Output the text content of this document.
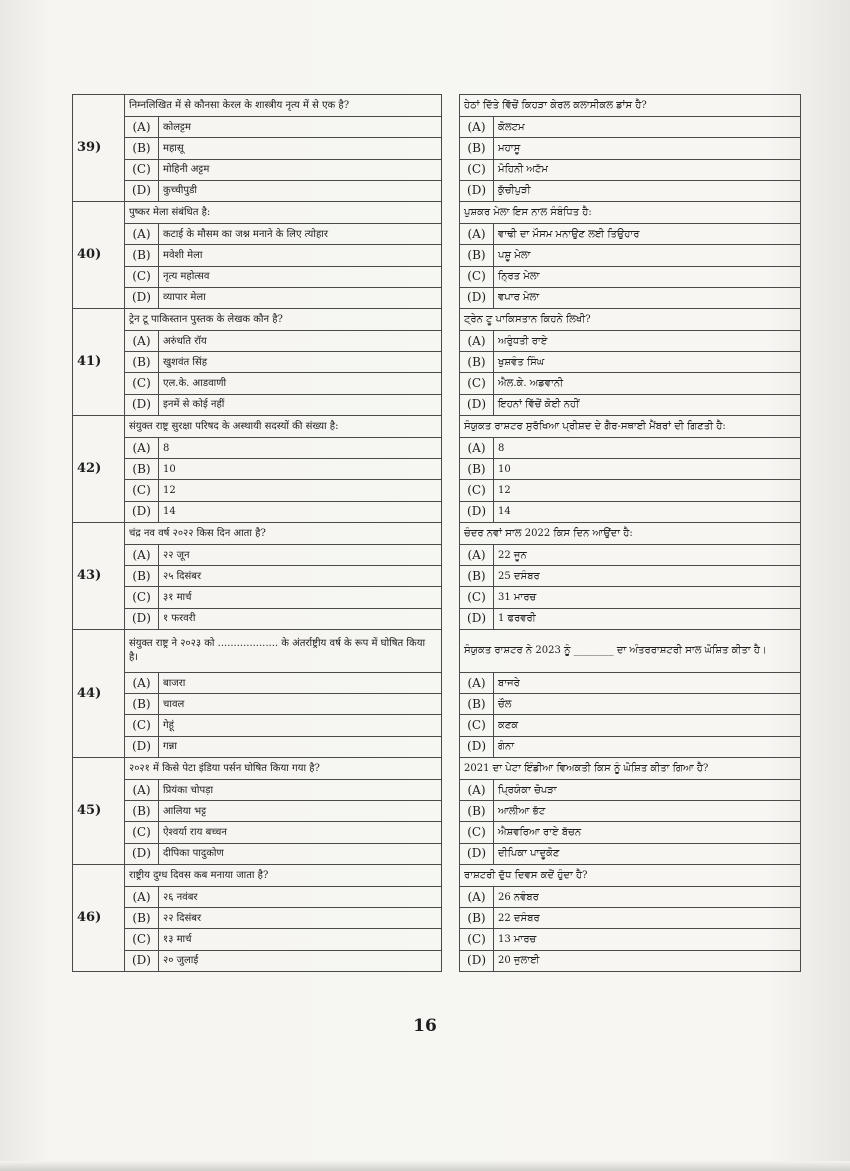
39)	निम्नलिखित में से कौनसा केरल के शास्त्रीय नृत्य में से एक है?			ਹੇਠਾਂ ਦਿੱਤੇ ਵਿੱਚੋਂ ਕਿਹੜਾ ਕੇਰਲ ਕਲਾਸੀਕਲ ਡਾਂਸ ਹੈ?	
	(A)	कोलट्टम		(A)	ਕੋਲਟਮ
	(B)	महासू		(B)	ਮਹਾਸੂ
	(C)	मोहिनी अट्टम		(C)	ਮੋਹਿਨੀ ਅਟੱਮ
	(D)	कुच्चीपुडी		(D)	ਕੁੱਚੀਪੁੜੀ
40)	पुष्कर मेला संबंधित है:			ਪੁਸ਼ਕਰ ਮੇਲਾ ਇਸ ਨਾਲ ਸੰਬੰਧਿਤ ਹੈ:	
	(A)	कटाई के मौसम का जश्न मनाने के लिए त्योहार		(A)	ਵਾਢੀ ਦਾ ਮੌਸਮ ਮਨਾਉਣ ਲਈ ਤਿਉਹਾਰ
	(B)	मवेशी मेला		(B)	ਪਸ਼ੂ ਮੇਲਾ
	(C)	नृत्य महोत्सव		(C)	ਨ੍ਰਿਤ ਮੇਲਾ
	(D)	व्यापार मेला		(D)	ਵਪਾਰ ਮੇਲਾ
41)	ट्रेन टू पाकिस्तान पुस्तक के लेखक कौन है?			ਟ੍ਰੇਨ ਟੂ ਪਾਕਿਸਤਾਨ ਕਿਹਨੇ ਲਿਖੀ?	
	(A)	अरुंधति रॉय		(A)	ਅਰੁੰਧਤੀ ਰਾਏ
	(B)	खुशवंत सिंह		(B)	ਖੁਸ਼ਵੰਤ ਸਿੰਘ
	(C)	एल.के. आडवाणी		(C)	ਐਲ.ਕੇ. ਅਡਵਾਨੀ
	(D)	इनमें से कोई नहीं		(D)	ਇਹਨਾਂ ਵਿੱਚੋਂ ਕੋਈ ਨਹੀਂ
42)	संयुक्त राष्ट्र सुरक्षा परिषद के अस्थायी सदस्यों की संख्या है:			ਸੰਯੁਕਤ ਰਾਸ਼ਟਰ ਸੁਰੱਖਿਆ ਪ੍ਰੀਸ਼ਦ ਦੇ ਗੈਰ-ਸਥਾਈ ਮੈਂਬਰਾਂ ਦੀ ਗਿਣਤੀ ਹੈ:	
	(A)	8		(A)	8
	(B)	10		(B)	10
	(C)	12		(C)	12
	(D)	14		(D)	14
43)	चंद्र नव वर्ष २०२२ किस दिन आता है?			ਚੰਦਰ ਨਵਾਂ ਸਾਲ 2022 ਕਿਸ ਦਿਨ ਆਉਂਦਾ ਹੈ:	
	(A)	२२ जून		(A)	22 ਜੂਨ
	(B)	२५ दिसंबर		(B)	25 ਦਸੰਬਰ
	(C)	३१ मार्च		(C)	31 ਮਾਰਚ
	(D)	१ फरवरी		(D)	1 ਫਰਵਰੀ
44)	संयुक्त राष्ट्र ने २०२३ को ................... के अंतर्राष्ट्रीय वर्ष के रूप में घोषित किया है।			ਸੰਯੁਕਤ ਰਾਸ਼ਟਰ ਨੇ 2023 ਨੂੰ ________ ਦਾ ਅੰਤਰਰਾਸ਼ਟਰੀ ਸਾਲ ਘੋਸ਼ਿਤ ਕੀਤਾ ਹੈ।	
	(A)	बाजरा		(A)	ਬਾਜਰੇ
	(B)	चावल		(B)	ਚੌਲ
	(C)	गेहूं		(C)	ਕਣਕ
	(D)	गन्ना		(D)	ਗੰਨਾ
45)	२०२१ में किसे पेटा इंडिया पर्सन घोषित किया गया है?			2021 ਦਾ ਪੇਟਾ ਇੰਡੀਆ ਵਿਅਕਤੀ ਕਿਸ ਨੂੰ ਘੋਸ਼ਿਤ ਕੀਤਾ ਗਿਆ ਹੈ?	
	(A)	प्रियंका चोपड़ा		(A)	ਪ੍ਰਿਯੰਕਾ ਚੋਪੜਾ
	(B)	आलिया भट्ट		(B)	ਆਲੀਆ ਭੱਟ
	(C)	ऐश्वर्या राय बच्चन		(C)	ਐਸ਼ਵਰਿਆ ਰਾਏ ਬੱਚਨ
	(D)	दीपिका पादुकोण		(D)	ਦੀਪਿਕਾ ਪਾਦੂਕੋਣ
46)	राष्ट्रीय दुग्ध दिवस कब मनाया जाता है?			ਰਾਸ਼ਟਰੀ ਦੁੱਧ ਦਿਵਸ ਕਦੋਂ ਹੁੰਦਾ ਹੈ?	
	(A)	२६ नवंबर		(A)	26 ਨਵੰਬਰ
	(B)	२२ दिसंबर		(B)	22 ਦਸੰਬਰ
	(C)	१३ मार्च		(C)	13 ਮਾਰਚ
	(D)	२० जुलाई		(D)	20 ਜੁਲਾਈ
16
